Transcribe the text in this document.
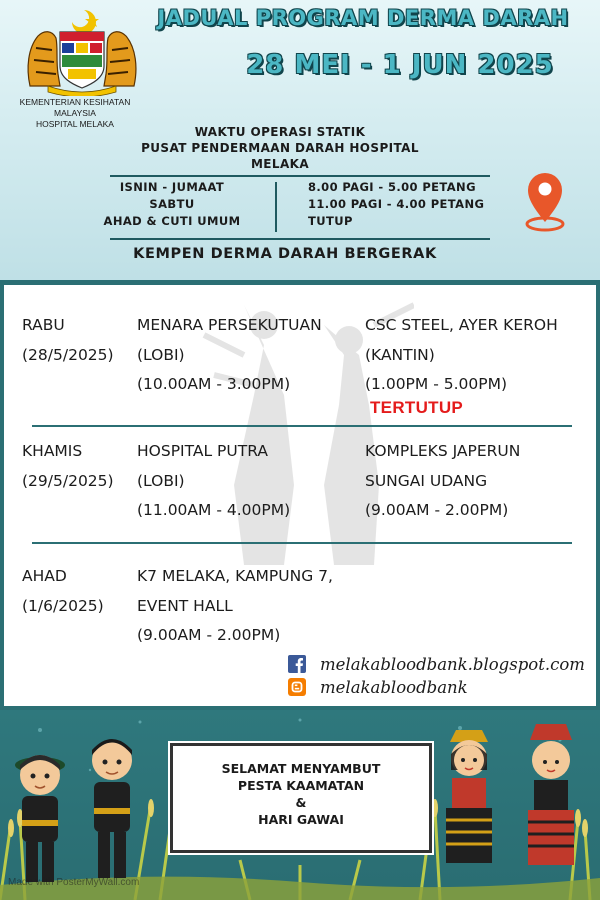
KEMENTERIAN KESIHATAN MALAYSIA
HOSPITAL MELAKA
JADUAL PROGRAM DERMA DARAH
28 MEI - 1 JUN 2025
WAKTU OPERASI STATIK
PUSAT PENDERMAAN DARAH HOSPITAL
MELAKA
ISNIN - JUMAAT
SABTU
AHAD & CUTI UMUM
8.00 PAGI - 5.00 PETANG
11.00 PAGI - 4.00 PETANG
TUTUP
KEMPEN DERMA DARAH BERGERAK
RABU
(28/5/2025)
MENARA PERSEKUTUAN
(LOBI)
(10.00AM - 3.00PM)
CSC STEEL, AYER KEROH
(KANTIN)
(1.00PM - 5.00PM)
TERTUTUP
KHAMIS
(29/5/2025)
HOSPITAL PUTRA
(LOBI)
(11.00AM - 4.00PM)
KOMPLEKS JAPERUN
SUNGAI UDANG
(9.00AM - 2.00PM)
AHAD
(1/6/2025)
K7 MELAKA, KAMPUNG 7,
EVENT HALL
(9.00AM - 2.00PM)
melakabloodbank.blogspot.com
melakabloodbank
SELAMAT MENYAMBUT
PESTA KAAMATAN
&
HARI GAWAI
Made with PosterMyWall.com
